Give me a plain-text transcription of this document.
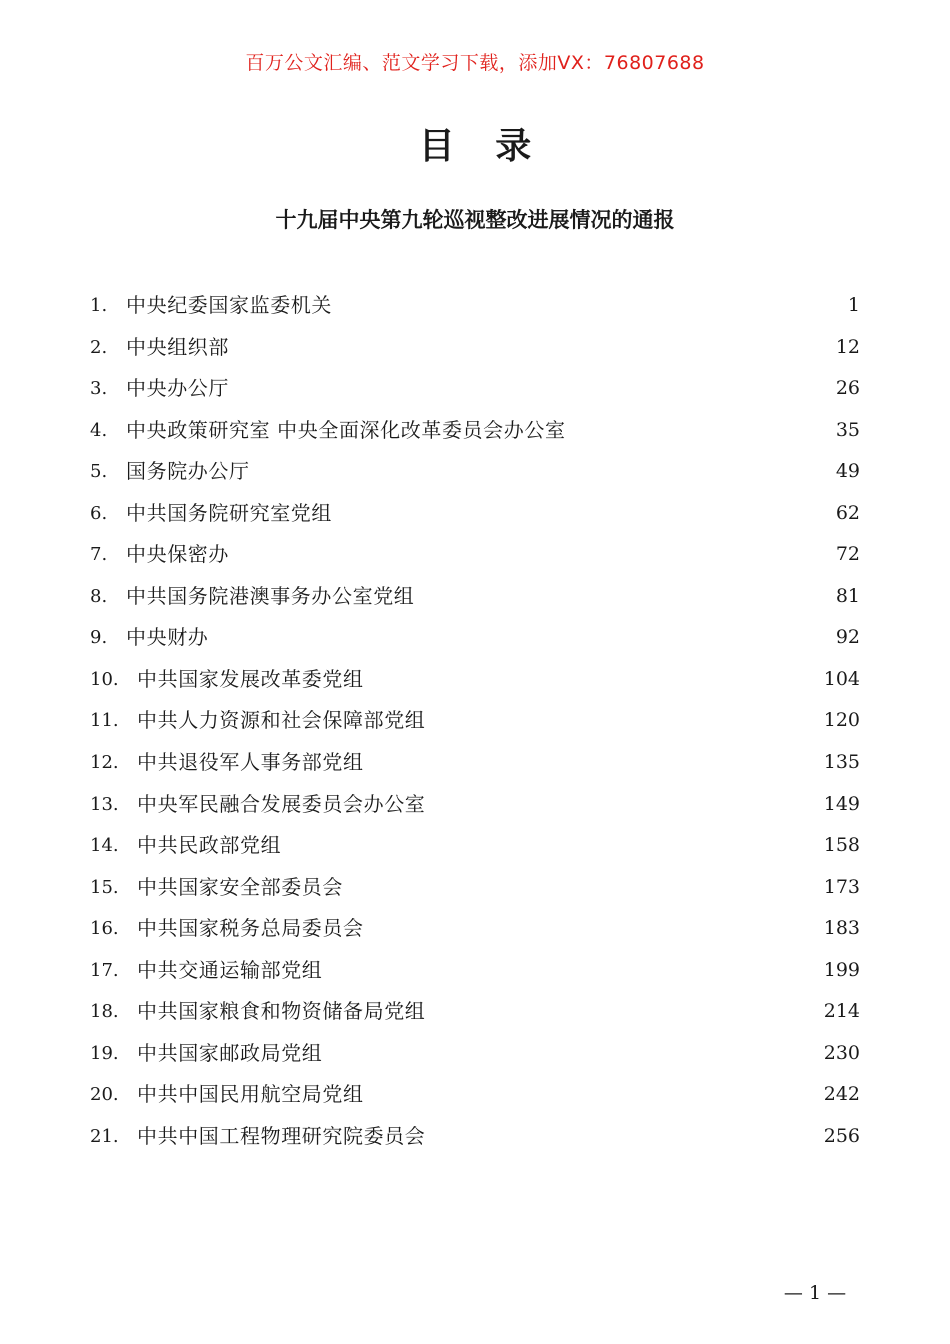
百万公文汇编、范文学习下载，添加VX：76807688
目 录
十九届中央第九轮巡视整改进展情况的通报
1. 中央纪委国家监委机关	1
2. 中央组织部	12
3. 中央办公厅	26
4. 中央政策研究室 中央全面深化改革委员会办公室	35
5. 国务院办公厅	49
6. 中共国务院研究室党组	62
7. 中央保密办	72
8. 中共国务院港澳事务办公室党组	81
9. 中央财办	92
10. 中共国家发展改革委党组	104
11. 中共人力资源和社会保障部党组	120
12. 中共退役军人事务部党组	135
13. 中央军民融合发展委员会办公室	149
14. 中共民政部党组	158
15. 中共国家安全部委员会	173
16. 中共国家税务总局委员会	183
17. 中共交通运输部党组	199
18. 中共国家粮食和物资储备局党组	214
19. 中共国家邮政局党组	230
20. 中共中国民用航空局党组	242
21. 中共中国工程物理研究院委员会	256
— 1 —
